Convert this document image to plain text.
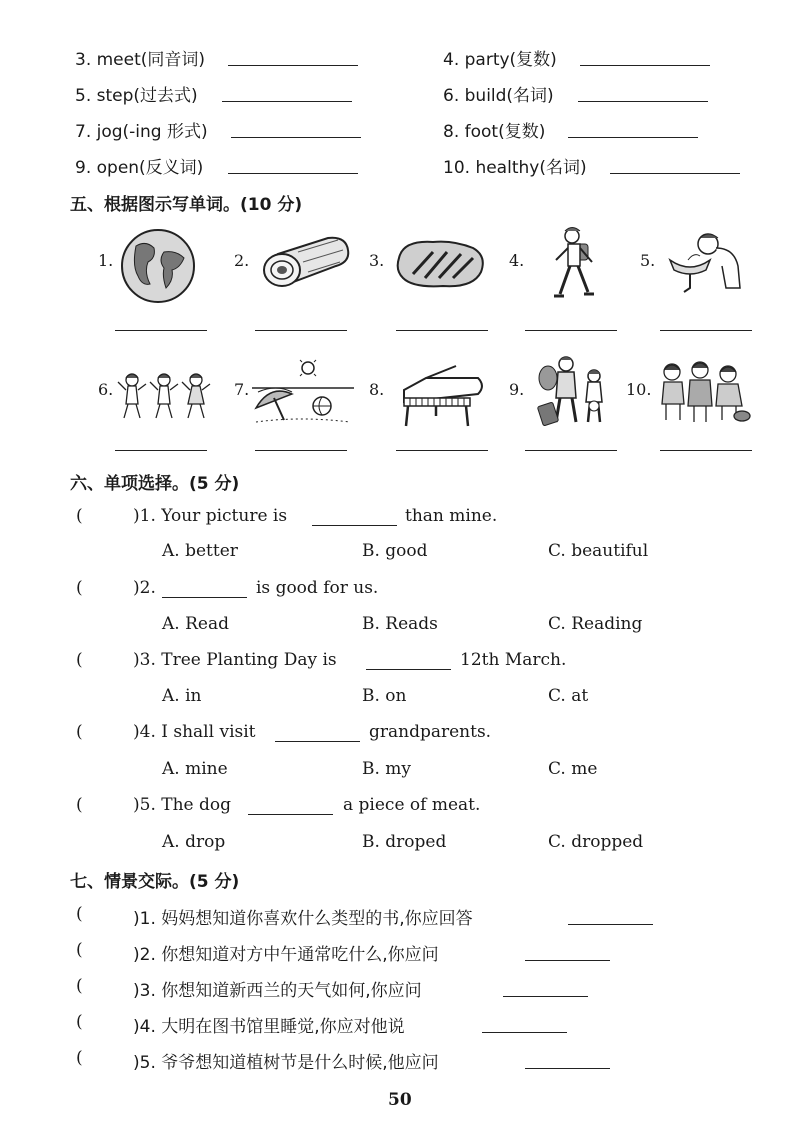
3. meet(同音词)	4. party(复数)
5. step(过去式)	6. build(名词)
7. jog(-ing 形式)	8. foot(复数)
9. open(反义词)	10. healthy(名词)
五、根据图示写单词。(10 分)
1.	2.	3.	4.	5.
6.	7.	8.	9.	10.
六、单项选择。(5 分)
(	)1. Your picture is	than mine.
A. better	B. good	C. beautiful
(	)2.	is good for us.
A. Read	B. Reads	C. Reading
(	)3. Tree Planting Day is	12th March.
A. in	B. on	C. at
(	)4. I shall visit	grandparents.
A. mine	B. my	C. me
(	)5. The dog	a piece of meat.
A. drop	B. droped	C. dropped
七、情景交际。(5 分)
(	)1. 妈妈想知道你喜欢什么类型的书,你应回答
(	)2. 你想知道对方中午通常吃什么,你应问
(	)3. 你想知道新西兰的天气如何,你应问
(	)4. 大明在图书馆里睡觉,你应对他说
(	)5. 爷爷想知道植树节是什么时候,他应问
50
